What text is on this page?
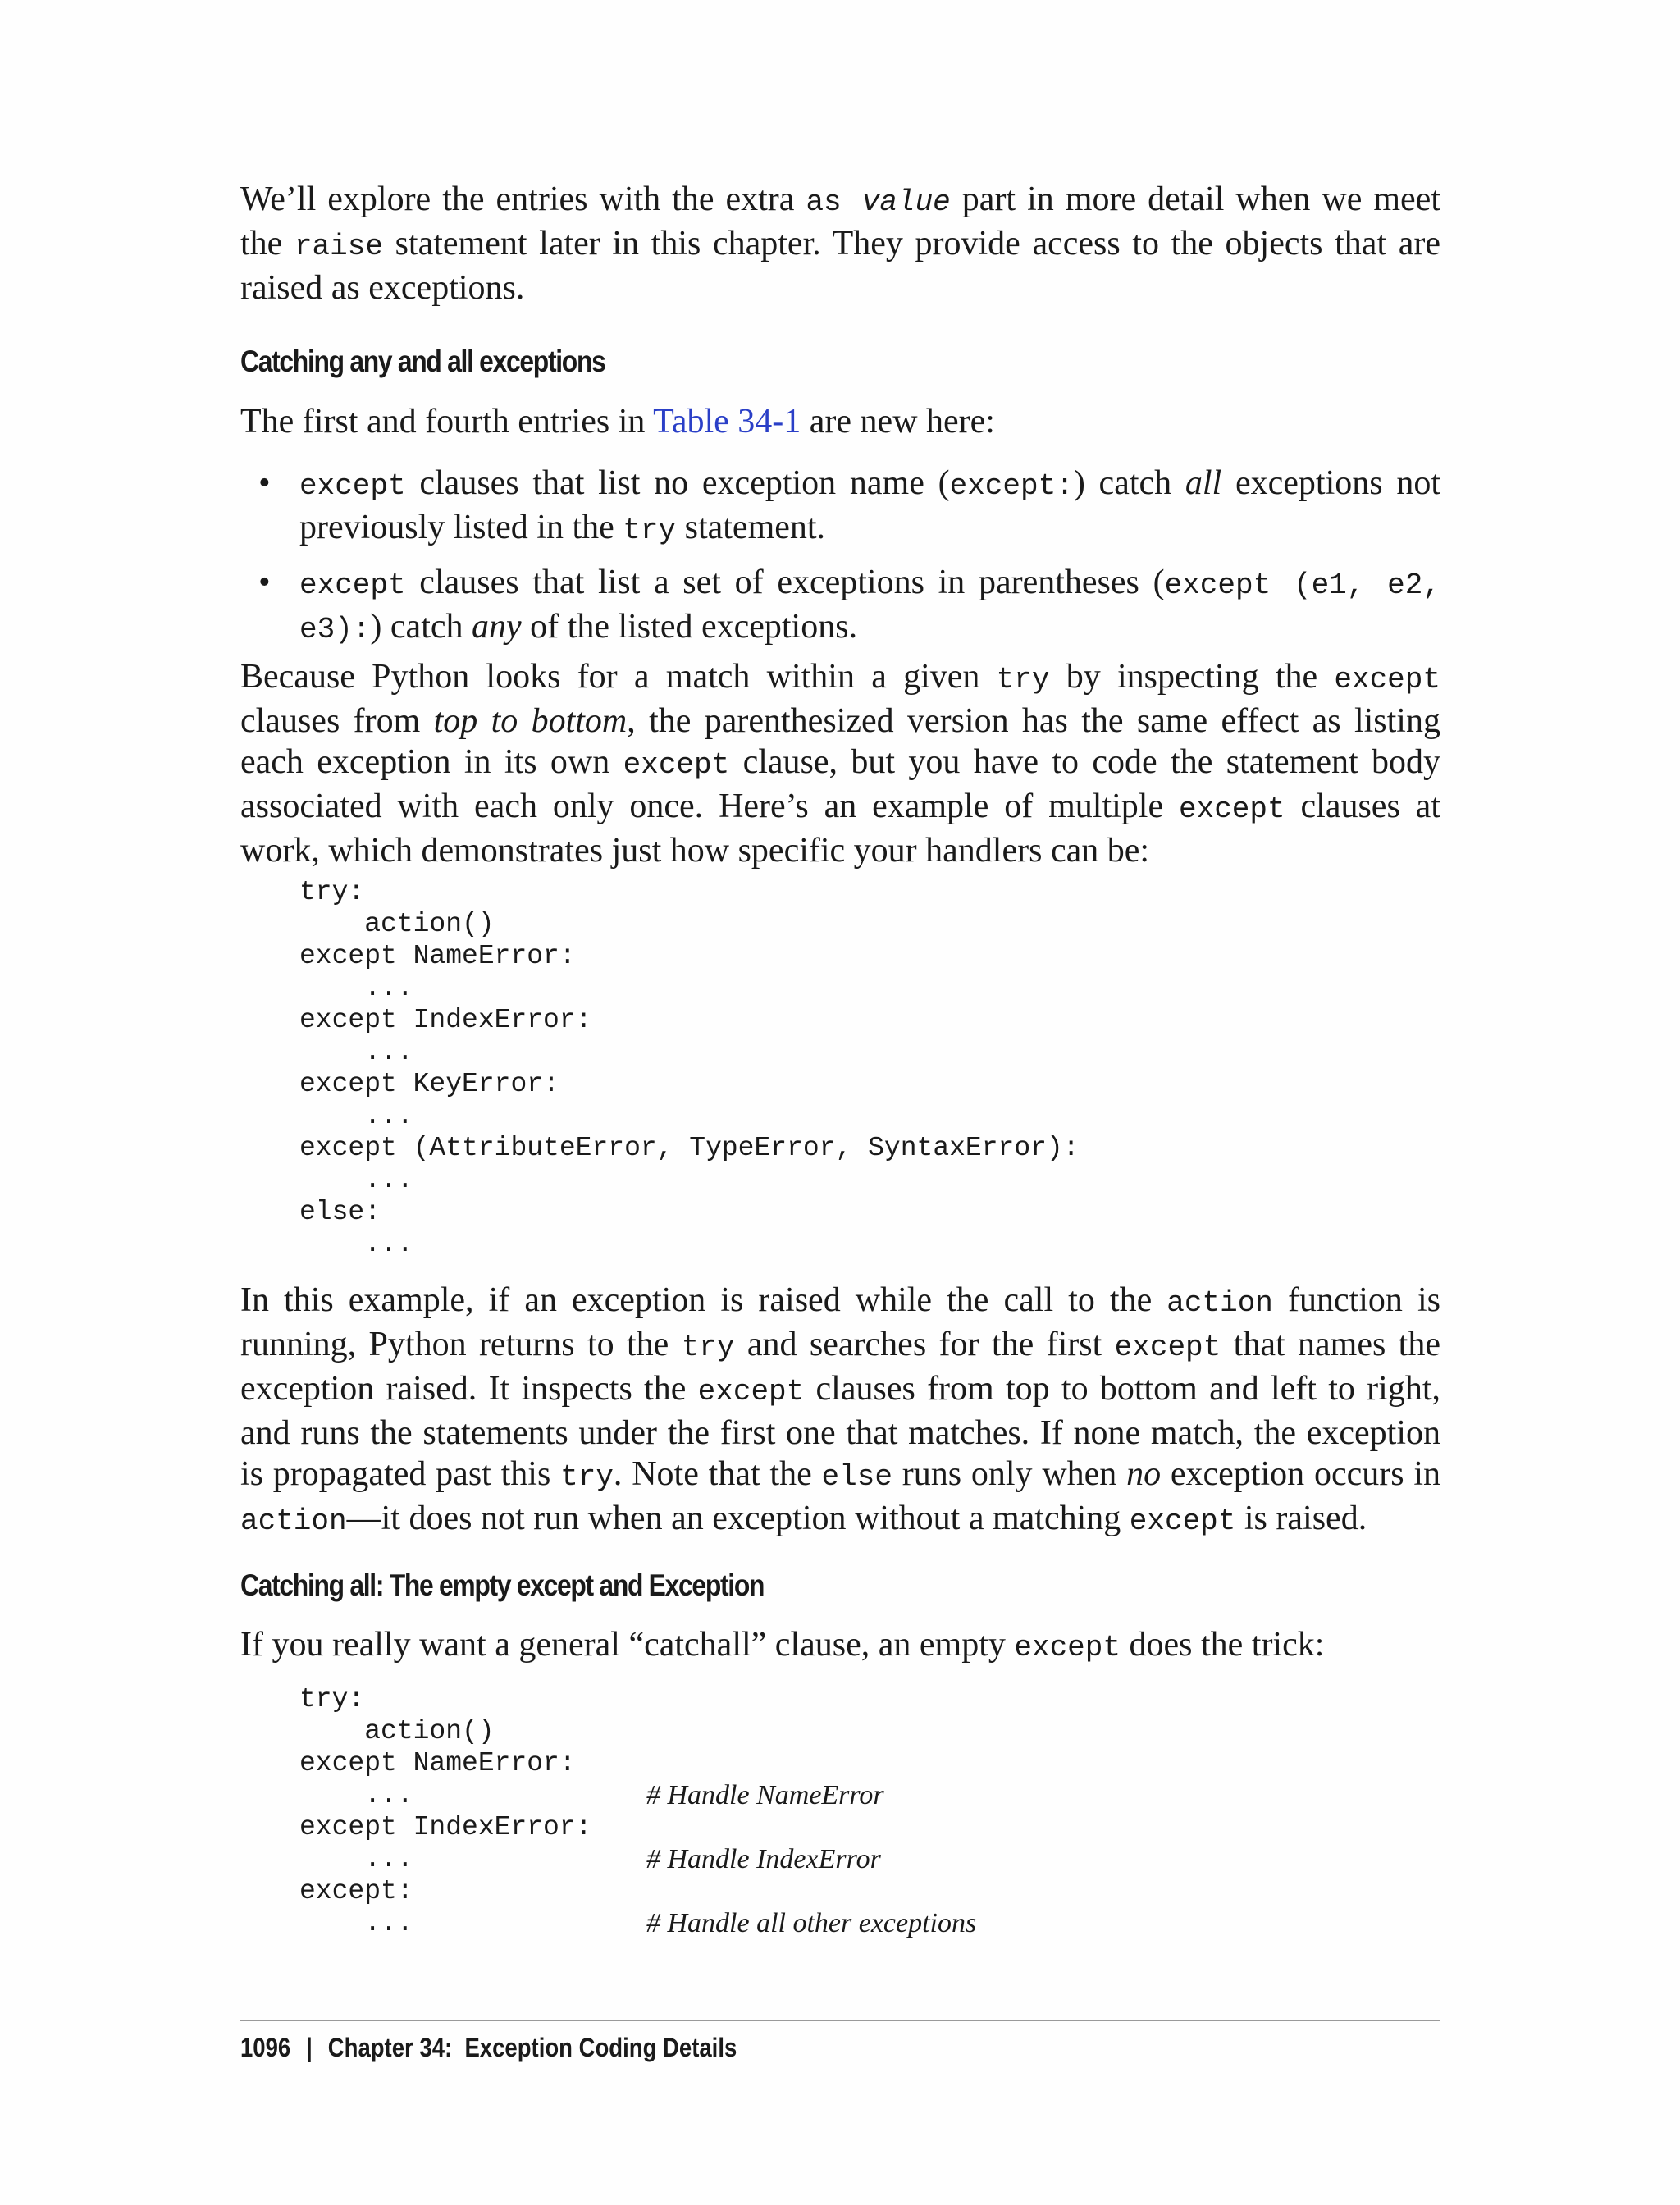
We’ll explore the entries with the extra as value part in more detail when we meet the raise statement later in this chapter. They provide access to the objects that are raised as exceptions.

Catching any and all exceptions

The first and fourth entries in Table 34-1 are new here:

• except clauses that list no exception name (except:) catch all exceptions not previously listed in the try statement.
• except clauses that list a set of exceptions in parentheses (except (e1, e2, e3):) catch any of the listed exceptions.

Because Python looks for a match within a given try by inspecting the except clauses from top to bottom, the parenthesized version has the same effect as listing each exception in its own except clause, but you have to code the statement body associated with each only once. Here’s an example of multiple except clauses at work, which demonstrates just how specific your handlers can be:

try:
action()
except NameError:
...
except IndexError:
...
except KeyError:
...
except (AttributeError, TypeError, SyntaxError):
...
else:
...

In this example, if an exception is raised while the call to the action function is running, Python returns to the try and searches for the first except that names the exception raised. It inspects the except clauses from top to bottom and left to right, and runs the statements under the first one that matches. If none match, the exception is propagated past this try. Note that the else runs only when no exception occurs in action—it does not run when an exception without a matching except is raised.

Catching all: The empty except and Exception

If you really want a general “catchall” clause, an empty except does the trick:

try:
action()
except NameError:
...	# Handle NameError
except IndexError:
...	# Handle IndexError
except:
...	# Handle all other exceptions
1096 | Chapter 34:  Exception Coding Details
